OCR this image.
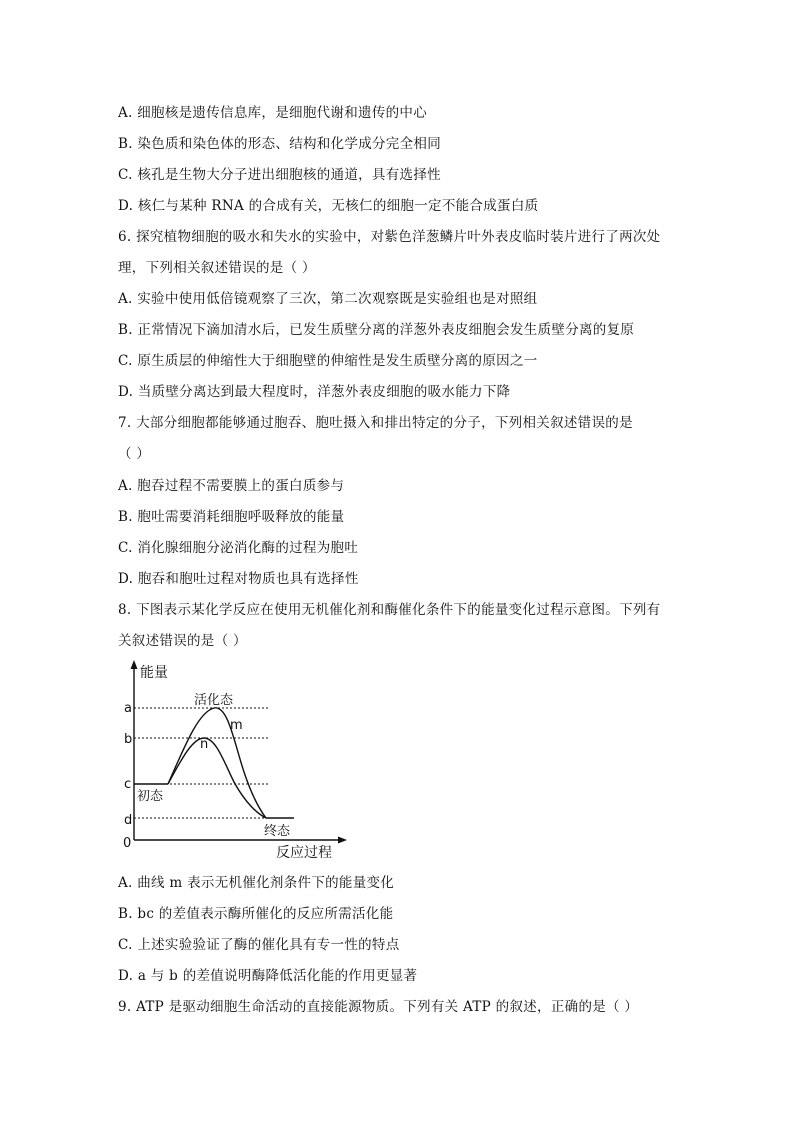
A. 细胞核是遗传信息库，是细胞代谢和遗传的中心
B. 染色质和染色体的形态、结构和化学成分完全相同
C. 核孔是生物大分子进出细胞核的通道，具有选择性
D. 核仁与某种 RNA 的合成有关，无核仁的细胞一定不能合成蛋白质
6. 探究植物细胞的吸水和失水的实验中，对紫色洋葱鳞片叶外表皮临时装片进行了两次处
理，下列相关叙述错误的是（ ）
A. 实验中使用低倍镜观察了三次，第二次观察既是实验组也是对照组
B. 正常情况下滴加清水后，已发生质壁分离的洋葱外表皮细胞会发生质壁分离的复原
C. 原生质层的伸缩性大于细胞壁的伸缩性是发生质壁分离的原因之一
D. 当质壁分离达到最大程度时，洋葱外表皮细胞的吸水能力下降
7. 大部分细胞都能够通过胞吞、胞吐摄入和排出特定的分子，下列相关叙述错误的是
（ ）
A. 胞吞过程不需要膜上的蛋白质参与
B. 胞吐需要消耗细胞呼吸释放的能量
C. 消化腺细胞分泌消化酶的过程为胞吐
D. 胞吞和胞吐过程对物质也具有选择性
8. 下图表示某化学反应在使用无机催化剂和酶催化条件下的能量变化过程示意图。下列有
关叙述错误的是（ ）
能量
反应过程
a
b
c
d
0
活化态
初态
终态
m
n
A. 曲线 m 表示无机催化剂条件下的能量变化
B. bc 的差值表示酶所催化的反应所需活化能
C. 上述实验验证了酶的催化具有专一性的特点
D. a 与 b 的差值说明酶降低活化能的作用更显著
9. ATP 是驱动细胞生命活动的直接能源物质。下列有关 ATP 的叙述，正确的是（ ）
